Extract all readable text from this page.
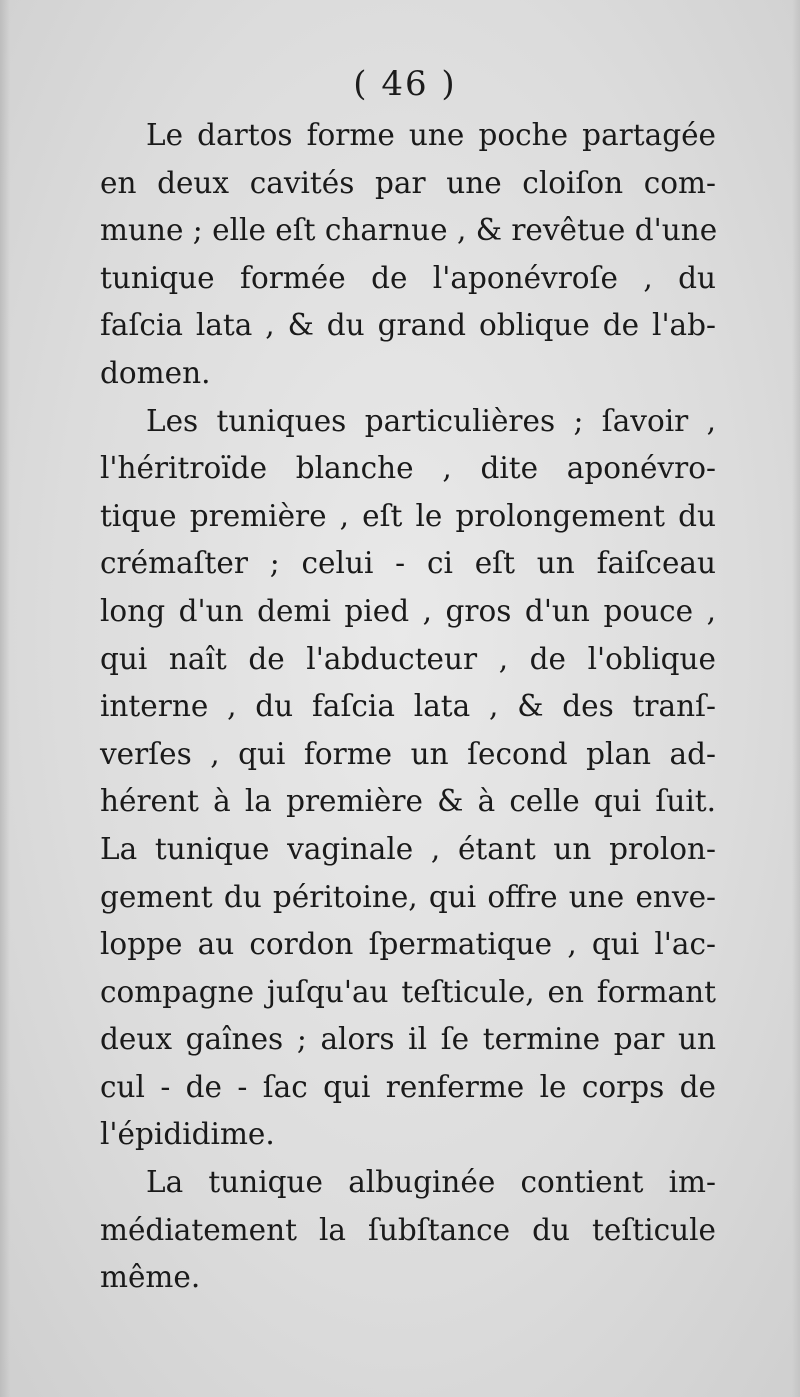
( 46 )

Le dartos forme une poche partagée
en deux cavités par une cloiſon com-
mune ; elle eſt charnue , & revêtue d'une
tunique formée de l'aponévroſe , du
faſcia lata , & du grand oblique de l'ab-
domen.

Les tuniques particulières ; ſavoir ,
l'héritroïde blanche , dite aponévro-
tique première , eſt le prolongement du
crémaſter ; celui - ci eſt un faiſceau
long d'un demi pied , gros d'un pouce ,
qui naît de l'abducteur , de l'oblique
interne , du faſcia lata , & des tranſ-
verſes , qui forme un ſecond plan ad-
hérent à la première & à celle qui ſuit.
La tunique vaginale , étant un prolon-
gement du péritoine, qui offre une enve-
loppe au cordon ſpermatique , qui l'ac-
compagne juſqu'au teſticule, en formant
deux gaînes ; alors il ſe termine par un
cul - de - ſac qui renferme le corps de
l'épididime.

La tunique albuginée contient im-
médiatement la ſubſtance du teſticule
même.
